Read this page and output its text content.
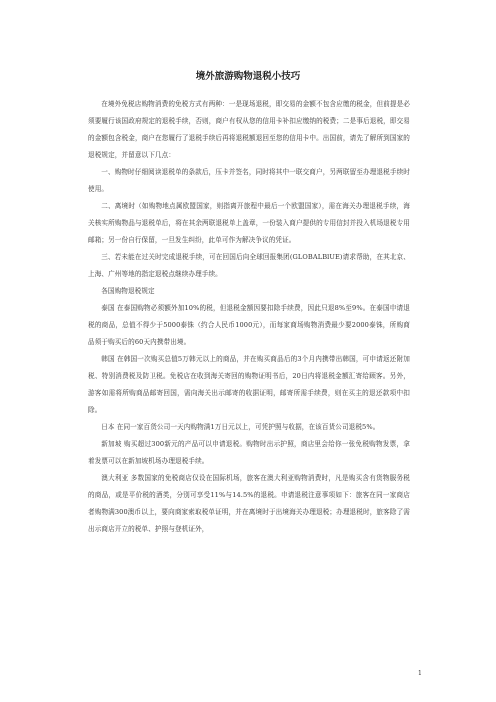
境外旅游购物退税小技巧

在境外免税店购物消费的免税方式有两种：一是现场退税，即交易的金额不包含应缴的税金，但前提是必须要履行该国政府规定的退税手续，否则，商户有权从您的信用卡补扣应缴纳的税费；二是事后退税，即交易的金额包含税金，商户在您履行了退税手续后再将退税额退回至您的信用卡中。出国前，请先了解所到国家的退税规定，并留意以下几点：

一、购物时仔细阅读退税单的条款后，压卡并签名，同时将其中一联交商户，另两联留至办理退税手续时使用。

二、离境时（如购物地点属欧盟国家，则指离开旅程中最后一个欧盟国家），需在海关办理退税手续，海关核实所购物品与退税单后，将在其余两联退税单上盖章，一份装入商户提供的专用信封并投入机场退税专用邮箱；另一份自行保留，一旦发生纠纷，此单可作为解决争议的凭证。

三、若未能在过关时完成退税手续，可在回国后向全球回报集团(GLOBALBlUE)请求帮助，在其北京、上海、广州等地的指定退税点继续办理手续。

各国购物退税规定

泰国 在泰国购物必须额外加10%的税，但退税金额因要扣除手续费，因此只退8%至9%。在泰国申请退税的商品，总值不得少于5000泰铢（约合人民币1000元），而每家商场购物消费最少要2000泰铢，所购商品须于购买后的60天内携带出境。

韩国 在韩国一次购买总值5万韩元以上的商品，并在购买商品后的3个月内携带出韩国，可申请返还附加税、特别消费税及防卫税。免税店在收到海关寄回的购物证明书后，20日内将退税金额汇寄给顾客。另外，游客如需将所购商品邮寄回国，需向海关出示邮寄的收据证明，邮寄所需手续费，则在买主的退还款项中扣除。

日本 在同一家百货公司一天内购物满1万日元以上，可凭护照与收据，在该百货公司退税5%。

新加坡 购买超过300新元的产品可以申请退税。购物时出示护照，商店里会给你一张免税购物发票，拿着发票可以在新加坡机场办理退税手续。

澳大利亚 多数国家的免税商店仅设在国际机场，旅客在澳大利亚购物消费时，凡是购买含有货物服务税的商品，或是平价税的酒类，分别可享受11%与14.5%的退税。申请退税注意事项如下：旅客在同一家商店者购物满300澳币以上，要向商家索取税单证明，并在离境时于出境海关办理退税；办理退税时，旅客除了需出示商店开立的税单、护照与登机证外，

1
